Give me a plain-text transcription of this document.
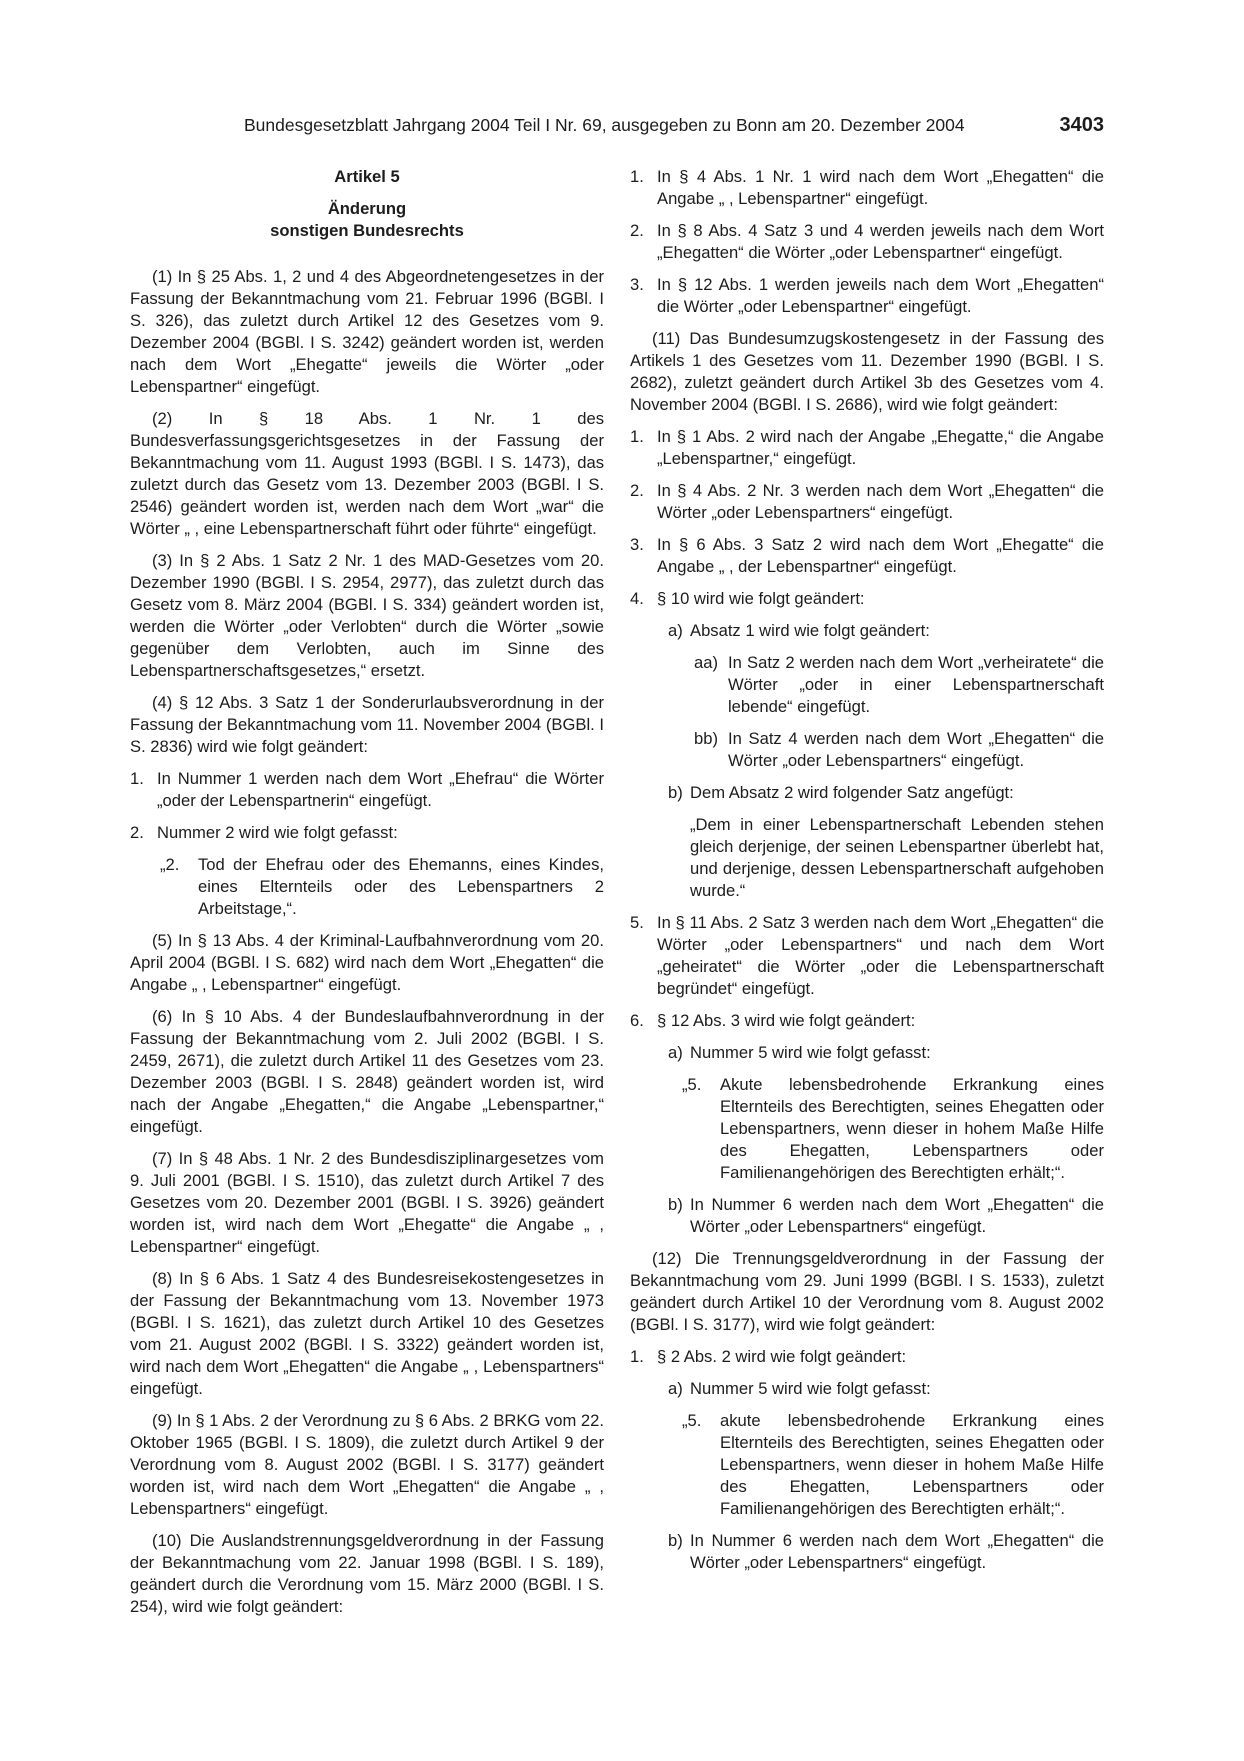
Bundesgesetzblatt Jahrgang 2004 Teil I Nr. 69, ausgegeben zu Bonn am 20. Dezember 2004	3403
Artikel 5
Änderung
sonstigen Bundesrechts

(1) In § 25 Abs. 1, 2 und 4 des Abgeordnetengesetzes in der Fassung der Bekanntmachung vom 21. Februar 1996 (BGBl. I S. 326), das zuletzt durch Artikel 12 des Gesetzes vom 9. Dezember 2004 (BGBl. I S. 3242) geändert worden ist, werden nach dem Wort „Ehegatte“ jeweils die Wörter „oder Lebenspartner“ eingefügt.

(2) In § 18 Abs. 1 Nr. 1 des Bundesverfassungsgerichtsgesetzes in der Fassung der Bekanntmachung vom 11. August 1993 (BGBl. I S. 1473), das zuletzt durch das Gesetz vom 13. Dezember 2003 (BGBl. I S. 2546) geändert worden ist, werden nach dem Wort „war“ die Wörter „ , eine Lebenspartnerschaft führt oder führte“ eingefügt.

(3) In § 2 Abs. 1 Satz 2 Nr. 1 des MAD-Gesetzes vom 20. Dezember 1990 (BGBl. I S. 2954, 2977), das zuletzt durch das Gesetz vom 8. März 2004 (BGBl. I S. 334) geändert worden ist, werden die Wörter „oder Verlobten“ durch die Wörter „sowie gegenüber dem Verlobten, auch im Sinne des Lebenspartnerschaftsgesetzes,“ ersetzt.

(4) § 12 Abs. 3 Satz 1 der Sonderurlaubsverordnung in der Fassung der Bekanntmachung vom 11. November 2004 (BGBl. I S. 2836) wird wie folgt geändert:

1. In Nummer 1 werden nach dem Wort „Ehefrau“ die Wörter „oder der Lebenspartnerin“ eingefügt.
2. Nummer 2 wird wie folgt gefasst:
„2.	Tod der Ehefrau oder des Ehemanns, eines Kindes, eines Elternteils oder des Lebenspartners 2 Arbeitstage,“.

(5) In § 13 Abs. 4 der Kriminal-Laufbahnverordnung vom 20. April 2004 (BGBl. I S. 682) wird nach dem Wort „Ehegatten“ die Angabe „ , Lebenspartner“ eingefügt.

(6) In § 10 Abs. 4 der Bundeslaufbahnverordnung in der Fassung der Bekanntmachung vom 2. Juli 2002 (BGBl. I S. 2459, 2671), die zuletzt durch Artikel 11 des Gesetzes vom 23. Dezember 2003 (BGBl. I S. 2848) geändert worden ist, wird nach der Angabe „Ehegatten,“ die Angabe „Lebenspartner,“ eingefügt.

(7) In § 48 Abs. 1 Nr. 2 des Bundesdisziplinargesetzes vom 9. Juli 2001 (BGBl. I S. 1510), das zuletzt durch Artikel 7 des Gesetzes vom 20. Dezember 2001 (BGBl. I S. 3926) geändert worden ist, wird nach dem Wort „Ehegatte“ die Angabe „ , Lebenspartner“ eingefügt.

(8) In § 6 Abs. 1 Satz 4 des Bundesreisekostengesetzes in der Fassung der Bekanntmachung vom 13. November 1973 (BGBl. I S. 1621), das zuletzt durch Artikel 10 des Gesetzes vom 21. August 2002 (BGBl. I S. 3322) geändert worden ist, wird nach dem Wort „Ehegatten“ die Angabe „ , Lebenspartners“ eingefügt.

(9) In § 1 Abs. 2 der Verordnung zu § 6 Abs. 2 BRKG vom 22. Oktober 1965 (BGBl. I S. 1809), die zuletzt durch Artikel 9 der Verordnung vom 8. August 2002 (BGBl. I S. 3177) geändert worden ist, wird nach dem Wort „Ehegatten“ die Angabe „ , Lebenspartners“ eingefügt.

(10) Die Auslandstrennungsgeldverordnung in der Fassung der Bekanntmachung vom 22. Januar 1998 (BGBl. I S. 189), geändert durch die Verordnung vom 15. März 2000 (BGBl. I S. 254), wird wie folgt geändert:

1. In § 4 Abs. 1 Nr. 1 wird nach dem Wort „Ehegatten“ die Angabe „ , Lebenspartner“ eingefügt.
2. In § 8 Abs. 4 Satz 3 und 4 werden jeweils nach dem Wort „Ehegatten“ die Wörter „oder Lebenspartner“ eingefügt.
3. In § 12 Abs. 1 werden jeweils nach dem Wort „Ehegatten“ die Wörter „oder Lebenspartner“ eingefügt.

(11) Das Bundesumzugskostengesetz in der Fassung des Artikels 1 des Gesetzes vom 11. Dezember 1990 (BGBl. I S. 2682), zuletzt geändert durch Artikel 3b des Gesetzes vom 4. November 2004 (BGBl. I S. 2686), wird wie folgt geändert:

1. In § 1 Abs. 2 wird nach der Angabe „Ehegatte,“ die Angabe „Lebenspartner,“ eingefügt.
2. In § 4 Abs. 2 Nr. 3 werden nach dem Wort „Ehegatten“ die Wörter „oder Lebenspartners“ eingefügt.
3. In § 6 Abs. 3 Satz 2 wird nach dem Wort „Ehegatte“ die Angabe „ , der Lebenspartner“ eingefügt.
4. § 10 wird wie folgt geändert:
a) Absatz 1 wird wie folgt geändert:
aa) In Satz 2 werden nach dem Wort „verheiratete“ die Wörter „oder in einer Lebenspartnerschaft lebende“ eingefügt.
bb) In Satz 4 werden nach dem Wort „Ehegatten“ die Wörter „oder Lebenspartners“ eingefügt.
b) Dem Absatz 2 wird folgender Satz angefügt:
„Dem in einer Lebenspartnerschaft Lebenden stehen gleich derjenige, der seinen Lebenspartner überlebt hat, und derjenige, dessen Lebenspartnerschaft aufgehoben wurde.“
5. In § 11 Abs. 2 Satz 3 werden nach dem Wort „Ehegatten“ die Wörter „oder Lebenspartners“ und nach dem Wort „geheiratet“ die Wörter „oder die Lebenspartnerschaft begründet“ eingefügt.
6. § 12 Abs. 3 wird wie folgt geändert:
a) Nummer 5 wird wie folgt gefasst:
„5.	Akute lebensbedrohende Erkrankung eines Elternteils des Berechtigten, seines Ehegatten oder Lebenspartners, wenn dieser in hohem Maße Hilfe des Ehegatten, Lebenspartners oder Familienangehörigen des Berechtigten erhält;“.
b) In Nummer 6 werden nach dem Wort „Ehegatten“ die Wörter „oder Lebenspartners“ eingefügt.

(12) Die Trennungsgeldverordnung in der Fassung der Bekanntmachung vom 29. Juni 1999 (BGBl. I S. 1533), zuletzt geändert durch Artikel 10 der Verordnung vom 8. August 2002 (BGBl. I S. 3177), wird wie folgt geändert:

1. § 2 Abs. 2 wird wie folgt geändert:
a) Nummer 5 wird wie folgt gefasst:
„5.	akute lebensbedrohende Erkrankung eines Elternteils des Berechtigten, seines Ehegatten oder Lebenspartners, wenn dieser in hohem Maße Hilfe des Ehegatten, Lebenspartners oder Familienangehörigen des Berechtigten erhält;“.
b) In Nummer 6 werden nach dem Wort „Ehegatten“ die Wörter „oder Lebenspartners“ eingefügt.
